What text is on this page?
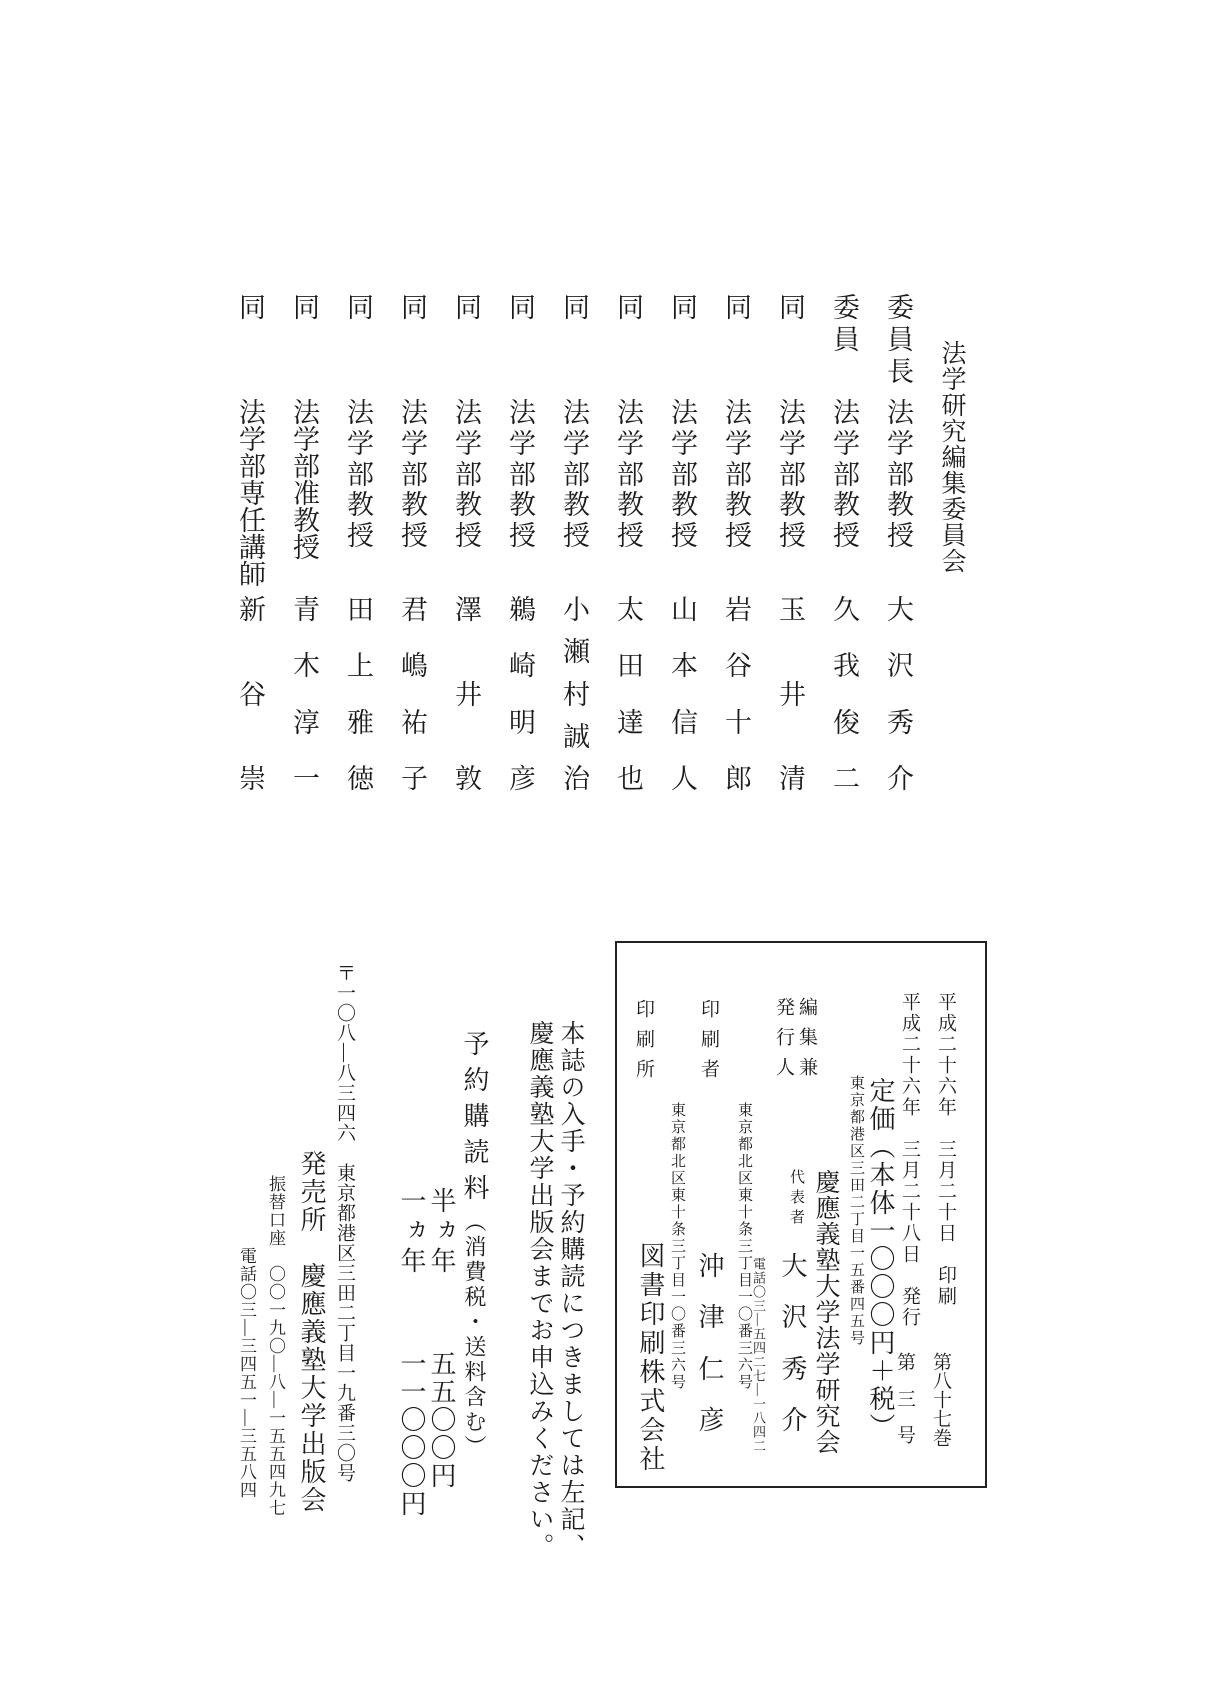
法学研究編集委員会
委員長
法
学
部
教
授
大
沢
秀
介
委員
法
学
部
教
授
久
我
俊
二
同
法
学
部
教
授
玉
井
清
同
法
学
部
教
授
岩
谷
十
郎
同
法
学
部
教
授
山
本
信
人
同
法
学
部
教
授
太
田
達
也
同
法
学
部
教
授
小
瀬
村
誠
治
同
法
学
部
教
授
鵜
崎
明
彦
同
法
学
部
教
授
澤
井
敦
同
法
学
部
教
授
君
嶋
祐
子
同
法
学
部
教
授
田
上
雅
徳
同
法
学
部
准
教
授
青
木
淳
一
同
法
学
部
専
任
講
師
新
谷
崇
本誌の入手・予約購読につきましては左記、
慶應義塾大学出版会までお申込みください。
予約購読料（消費税・送料含む）
半ヵ年
五五〇〇円
一ヵ年
一一〇〇〇円
〒一〇八―八三四六　東京都港区三田二丁目一九番三〇号
発売所　慶應義塾大学出版会
振替口座　〇〇一九〇―八―一五五四九七
電話〇三―三四五一―三五八四
平成二十六年　三月二十日　印刷
第
八
十
七
巻
平成二十六年　三月二十八日　発行
第
三
号
定価（本体一〇〇〇円＋税）
東京都港区三田二丁目一五番四五号
慶應義塾大学法学研究会
編集兼
発行人
代表者
大
沢
秀
介
電話〇三―五四二七―一八四二
印刷者
東京都北区東十条三丁目一〇番三六号
沖
津
仁
彦
印刷所
東京都北区東十条三丁目一〇番三六号
図書印刷株式会社
